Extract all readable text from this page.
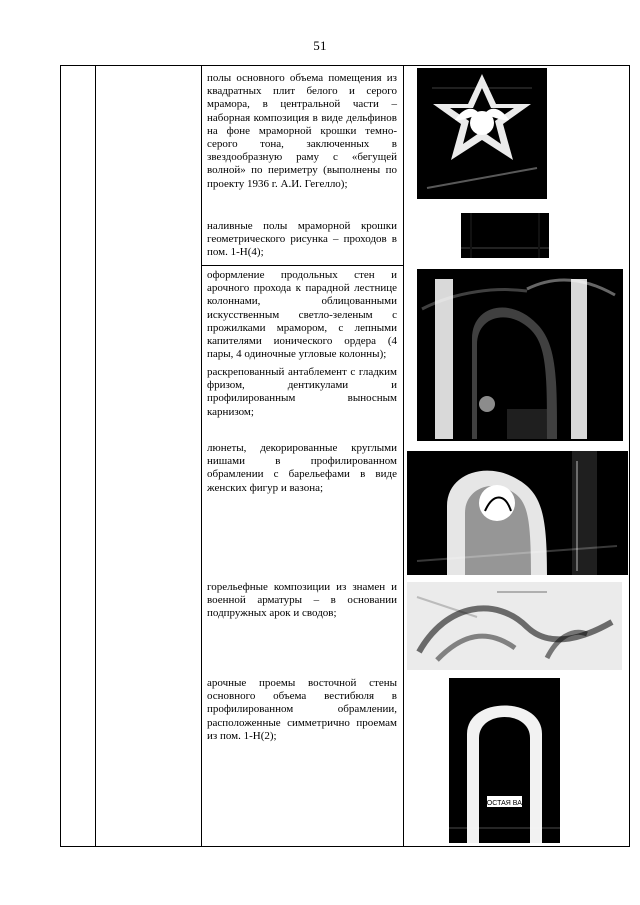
51
полы основного объема помещения из квадратных плит белого и серого мрамора, в центральной части – наборная композиция в виде дельфинов на фоне мраморной крошки темно-серого тона, заключенных в звездообразную раму с «бегущей волной» по периметру (выполнены по проекту 1936 г. А.И. Гегелло);
наливные полы мраморной крошки геометрического рисунка – проходов в пом. 1-Н(4);
оформление продольных стен и арочного прохода к парадной лестнице колоннами, облицованными искусственным светло-зеленым с прожилками мрамором, с лепными капителями ионического ордера (4 пары, 4 одиночные угловые колонны);
раскрепованный антаблемент с гладким фризом, дентикулами и профилированным выносным карнизом;
люнеты, декорированные круглыми нишами в профилированном обрамлении с барельефами в виде женских фигур и вазона;
горельефные композиции из знамен и военной арматуры – в основании подпружных арок и сводов;
арочные проемы восточной стены основного объема вестибюля в профилированном обрамлении, расположенные симметрично проемам из пом. 1-Н(2);
ВОСТАЯ ВАЛ
